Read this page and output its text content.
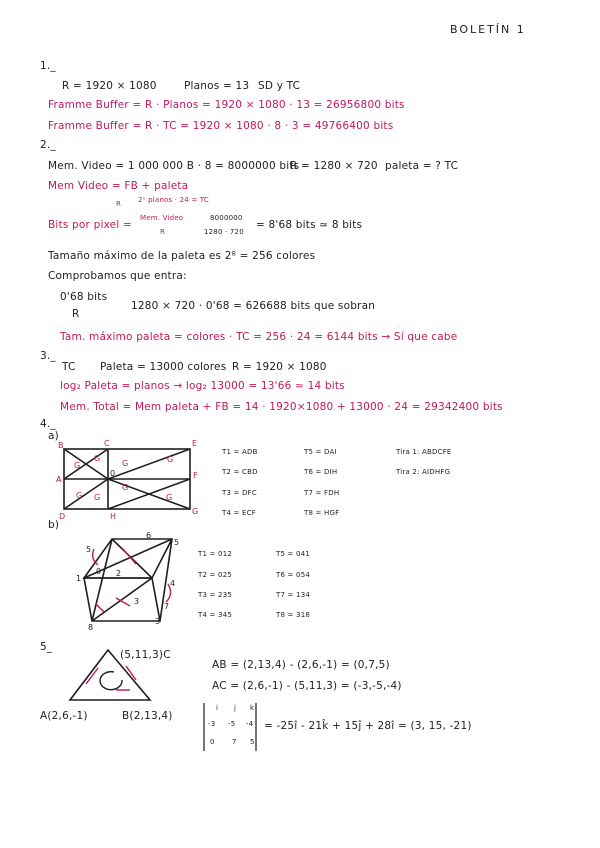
BOLETÍN 1
1._
R = 1920 × 1080	Planos = 13 SD y TC
Framme Buffer = R · Planos = 1920 × 1080 · 13 = 26956800 bits
Framme Buffer = R · TC = 1920 × 1080 · 8 · 3 = 49766400 bits
2._
Mem. Video = 1 000 000 B · 8 = 8000000 bits
R = 1280 × 720 paleta = ? TC
Mem Video = FB + paleta
R 2ⁿ planos · 24 = TC
Bits por pixel =
Mem. Video
R
8000000
1280 · 720
= 8'68 bits ≃ 8 bits
Tamaño máximo de la paleta es 2⁸ = 256 colores
Comprobamos que entra:
0'68 bits
R
1280 × 720 · 0'68 = 626688 bits que sobran
Tam. máximo paleta = colores · TC = 256 · 24 = 6144 bits → Sí que cabe
3._
TC Paleta = 13000 colores R = 1920 × 1080
log₂ Paleta = planos → log₂ 13000 = 13'66 ≃ 14 bits
Mem. Total = Mem paleta + FB = 14 · 1920×1080 + 13000 · 24 = 29342400 bits
4._
a)
b)
B	C	E
A	F
H
G
0
D
G
G
G	G
G G
G
G
1
2
3
4
5
6
7
8
0
5
3
T1 = ADB
T2 = CBD
T3 = DFC
T4 = ECF
T5 = DAI
T6 = DIH
T7 = FDH
T8 = HGF
Tira 1: ABDCFE
Tira 2: AIDHFG
T1 = 012
T2 = 025
T3 = 235
T4 = 345
T5 = 041
T6 = 054
T7 = 134
T8 = 318
5_
(5,11,3)C
A(2,6,-1)	B(2,13,4)
AB = (2,13,4) - (2,6,-1) = (0,7,5)
AC = (2,6,-1) - (5,11,3) = (-3,-5,-4)
i j k
-3 -5 -4
0 7 5
= -25î - 21k̂ + 15ĵ + 28î = (3, 15, -21)
